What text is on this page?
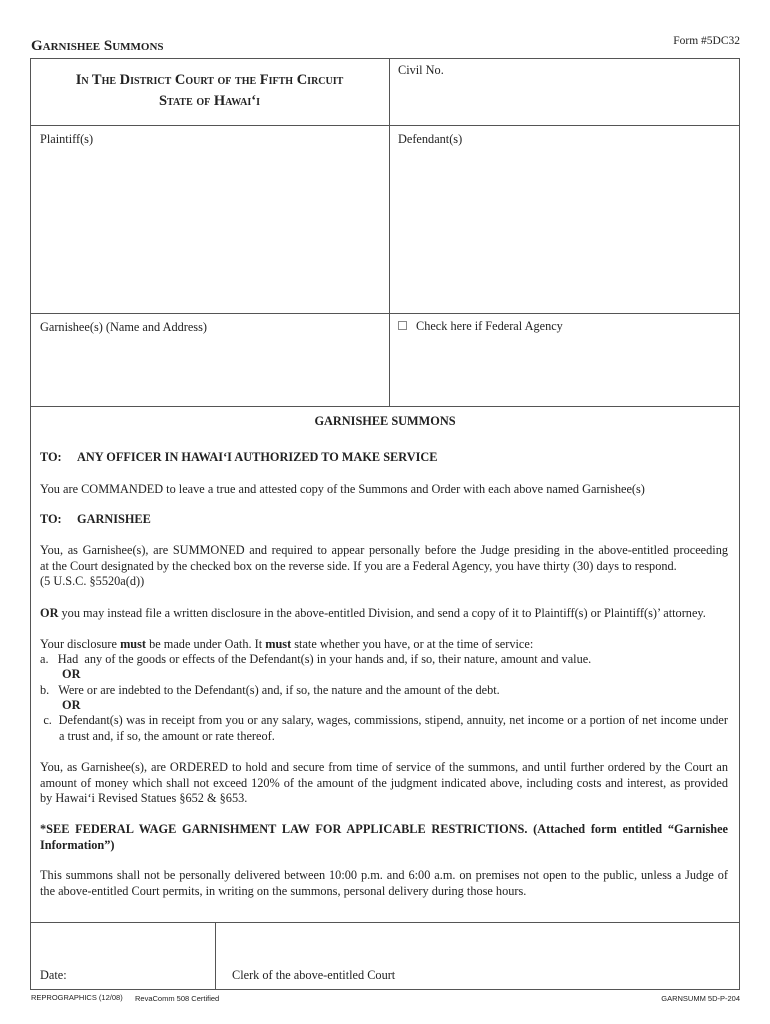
Garnishee Summons	Form #5DC32
In The District Court of the Fifth Circuit
State of Hawai‘i
Civil No.
Plaintiff(s)	Defendant(s)
Garnishee(s) (Name and Address)	Check here if Federal Agency
GARNISHEE SUMMONS
TO: ANY OFFICER IN HAWAI‘I AUTHORIZED TO MAKE SERVICE
You are COMMANDED to leave a true and attested copy of the Summons and Order with each above named Garnishee(s)
TO: GARNISHEE
You, as Garnishee(s), are SUMMONED and required to appear personally before the Judge presiding in the above-entitled proceeding
at the Court designated by the checked box on the reverse side. If you are a Federal Agency, you have thirty (30) days to respond.
(5 U.S.C. §5520a(d))
OR you may instead file a written disclosure in the above-entitled Division, and send a copy of it to Plaintiff(s) or Plaintiff(s)’ attorney.
Your disclosure must be made under Oath. It must state whether you have, or at the time of service:
a.   Had  any of the goods or effects of the Defendant(s) in your hands and, if so, their nature, amount and value.
OR
b.   Were or are indebted to the Defendant(s) and, if so, the nature and the amount of the debt.
OR
c.  Defendant(s) was in receipt from you or any salary, wages, commissions, stipend, annuity, net income or a portion of net income under
a trust and, if so, the amount or rate thereof.
You, as Garnishee(s), are ORDERED to hold and secure from time of service of the summons, and until further ordered by the Court an
amount of money which shall not exceed 120% of the amount of the judgment indicated above, including costs and interest, as provided
by Hawai‘i Revised Statues §652 & §653.
*SEE FEDERAL WAGE GARNISHMENT LAW FOR APPLICABLE RESTRICTIONS. (Attached form entitled “Garnishee
Information”)
This summons shall not be personally delivered between 10:00 p.m. and 6:00 a.m. on premises not open to the public, unless a Judge of
the above-entitled Court permits, in writing on the summons, personal delivery during those hours.
Date:	Clerk of the above-entitled Court
REPROGRAPHICS (12/08) RevaComm 508 Certified	GARNSUMM 5D-P-204
